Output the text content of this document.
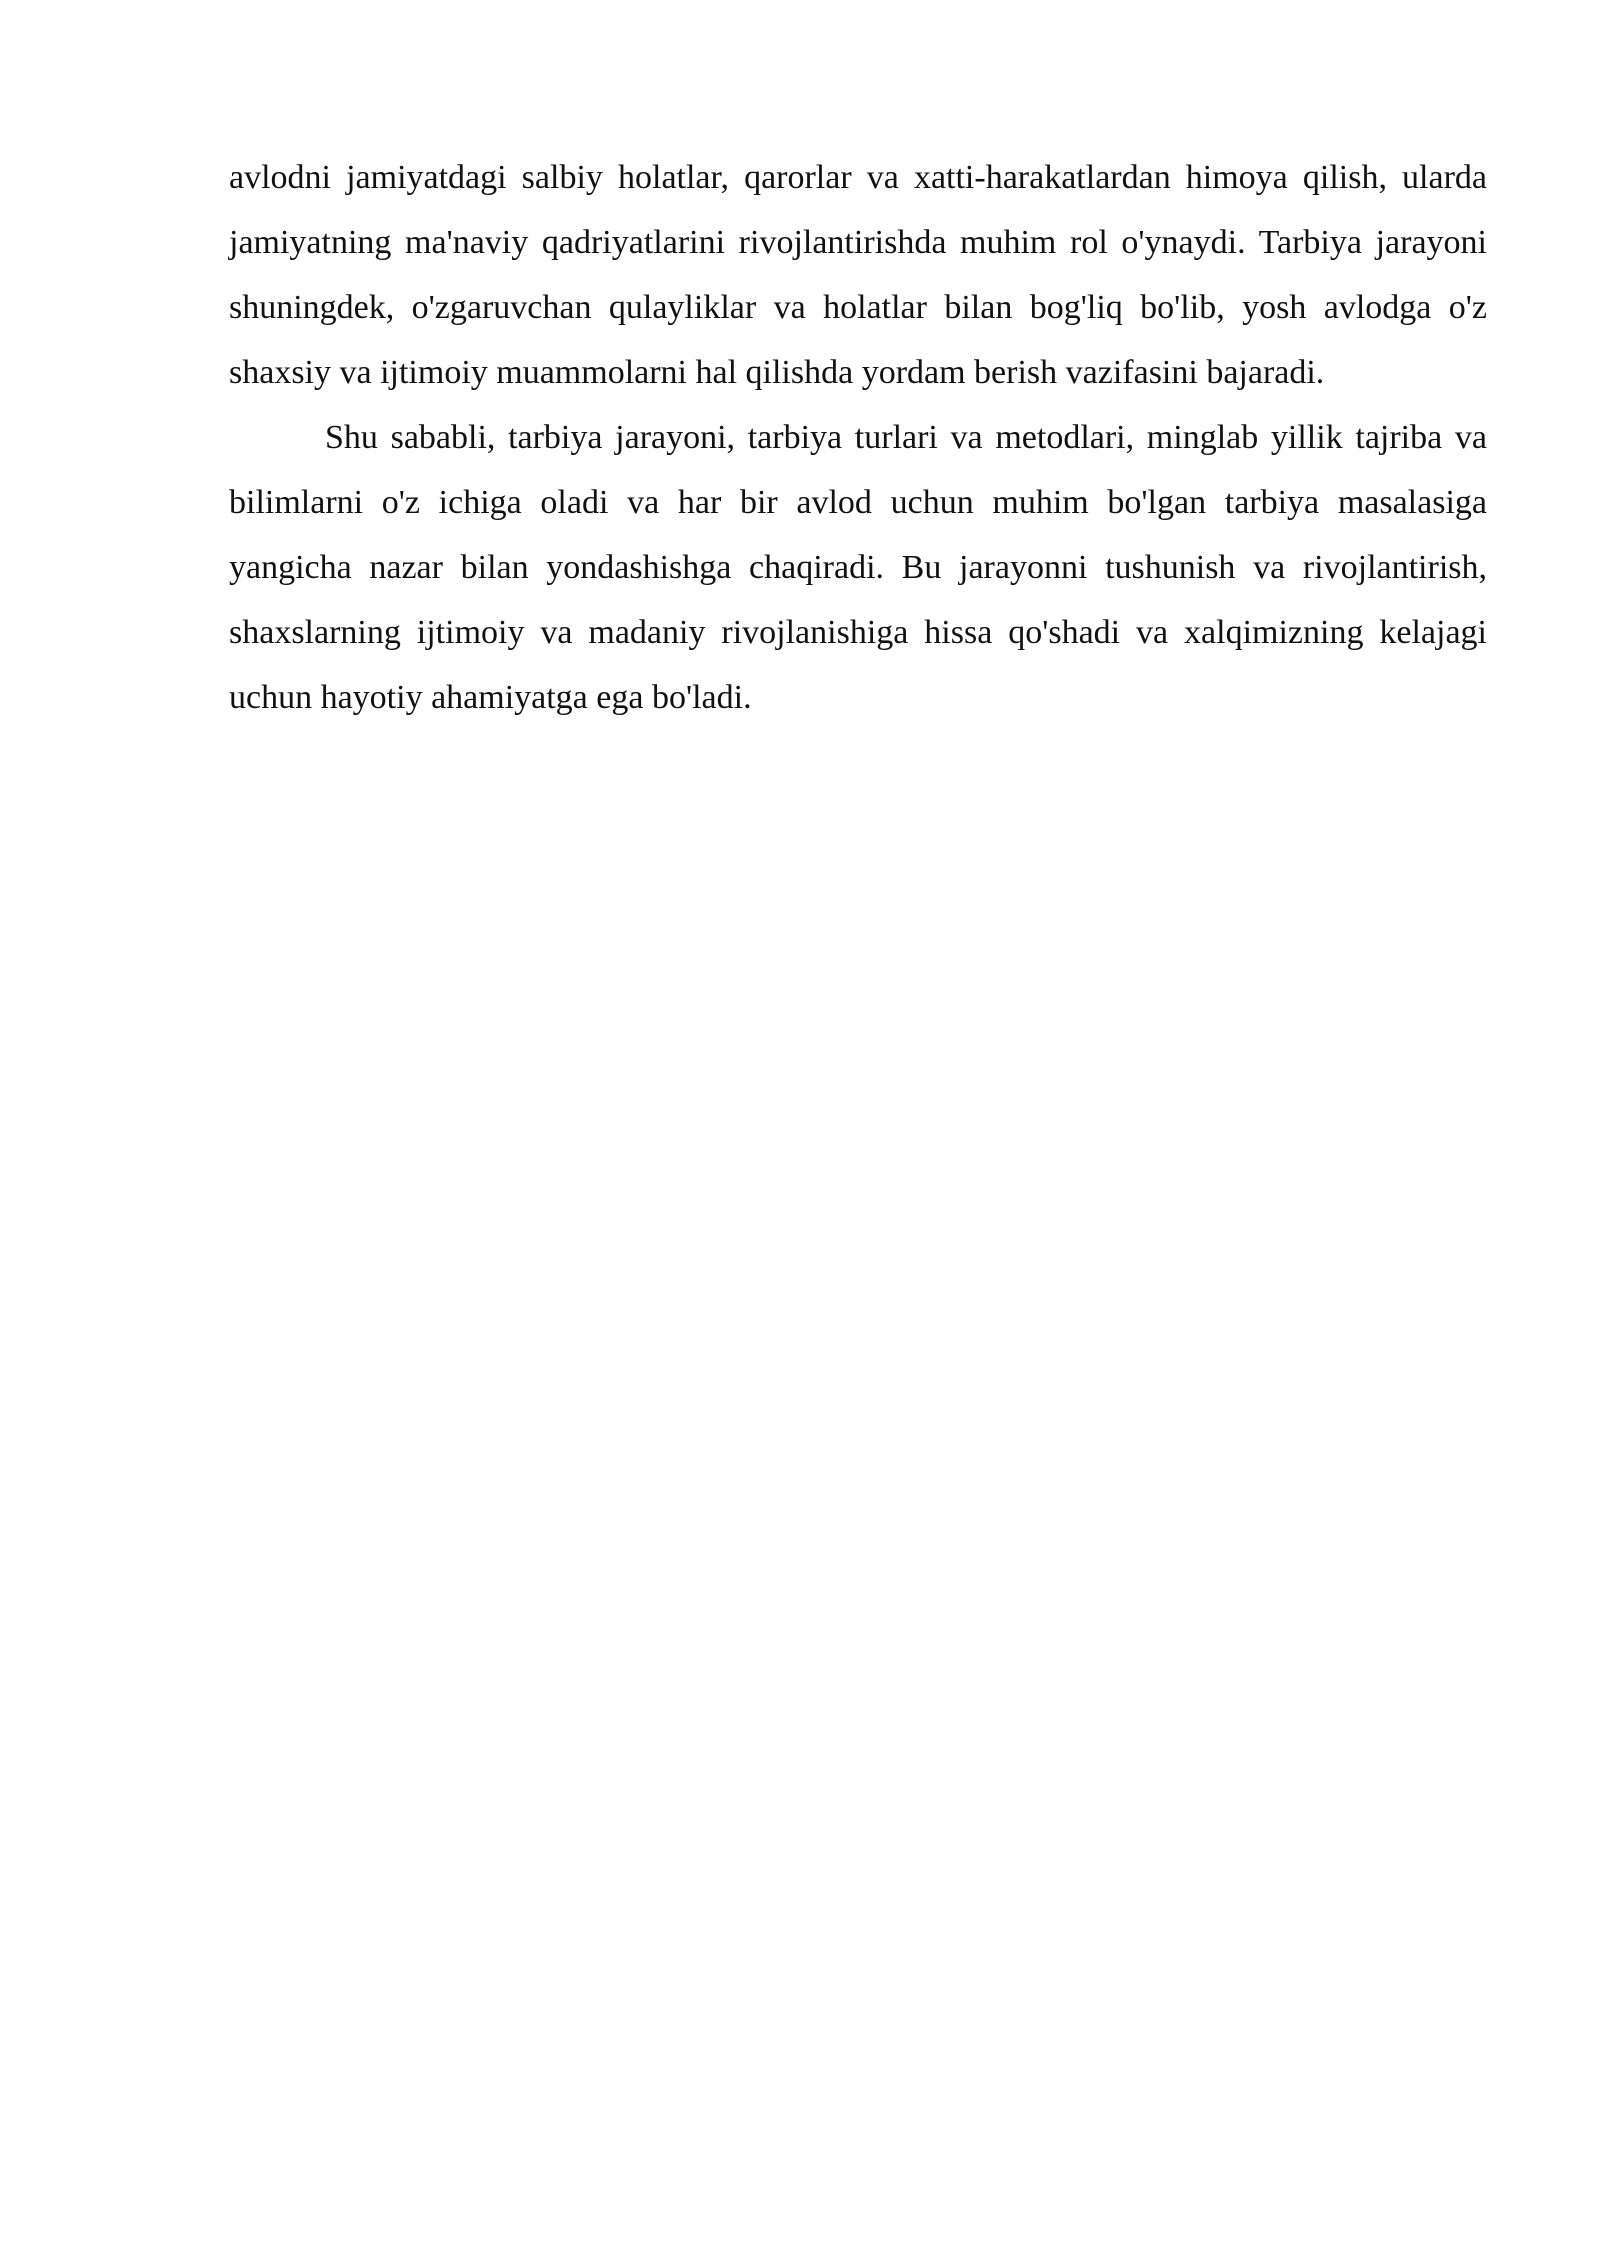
avlodni jamiyatdagi salbiy holatlar, qarorlar va xatti-harakatlardan himoya qilish, ularda jamiyatning ma'naviy qadriyatlarini rivojlantirishda muhim rol o'ynaydi. Tarbiya jarayoni shuningdek, o'zgaruvchan qulayliklar va holatlar bilan bog'liq bo'lib, yosh avlodga o'z shaxsiy va ijtimoiy muammolarni hal qilishda yordam berish vazifasini bajaradi.

Shu sababli, tarbiya jarayoni, tarbiya turlari va metodlari, minglab yillik tajriba va bilimlarni o'z ichiga oladi va har bir avlod uchun muhim bo'lgan tarbiya masalasiga yangicha nazar bilan yondashishga chaqiradi. Bu jarayonni tushunish va rivojlantirish, shaxslarning ijtimoiy va madaniy rivojlanishiga hissa qo'shadi va xalqimizning kelajagi uchun hayotiy ahamiyatga ega bo'ladi.
